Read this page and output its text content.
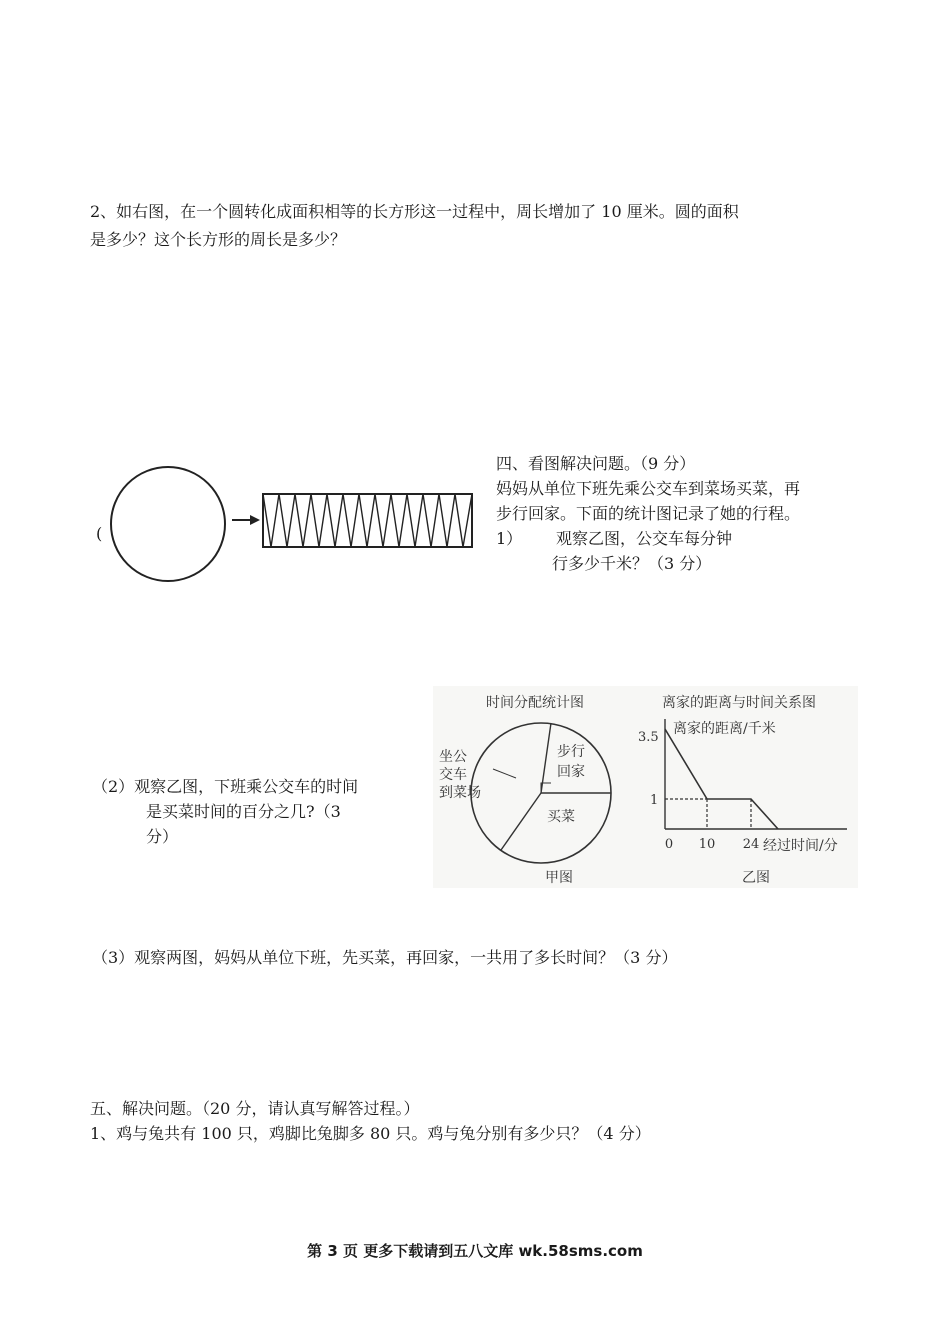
2、如右图，在一个圆转化成面积相等的长方形这一过程中，周长增加了 10 厘米。圆的面积
是多少？这个长方形的周长是多少？
(
四、看图解决问题。（9 分）
妈妈从单位下班先乘公交车到菜场买菜，再
步行回家。下面的统计图记录了她的行程。
1） 观察乙图，公交车每分钟
行多少千米？（3 分）
（2）观察乙图，下班乘公交车的时间
是买菜时间的百分之几?（3
分）
时间分配统计图
坐公
交车
到菜场
步行
回家
买菜
甲图
离家的距离与时间关系图
离家的距离/千米
3.5
1
0 10 24 经过时间/分
乙图
（3）观察两图，妈妈从单位下班，先买菜，再回家，一共用了多长时间？（3 分）
五、解决问题。（20 分，请认真写解答过程。）
1、鸡与兔共有 100 只，鸡脚比兔脚多 80 只。鸡与兔分别有多少只？（4 分）
第 3 页 更多下载请到五八文库 wk.58sms.com
